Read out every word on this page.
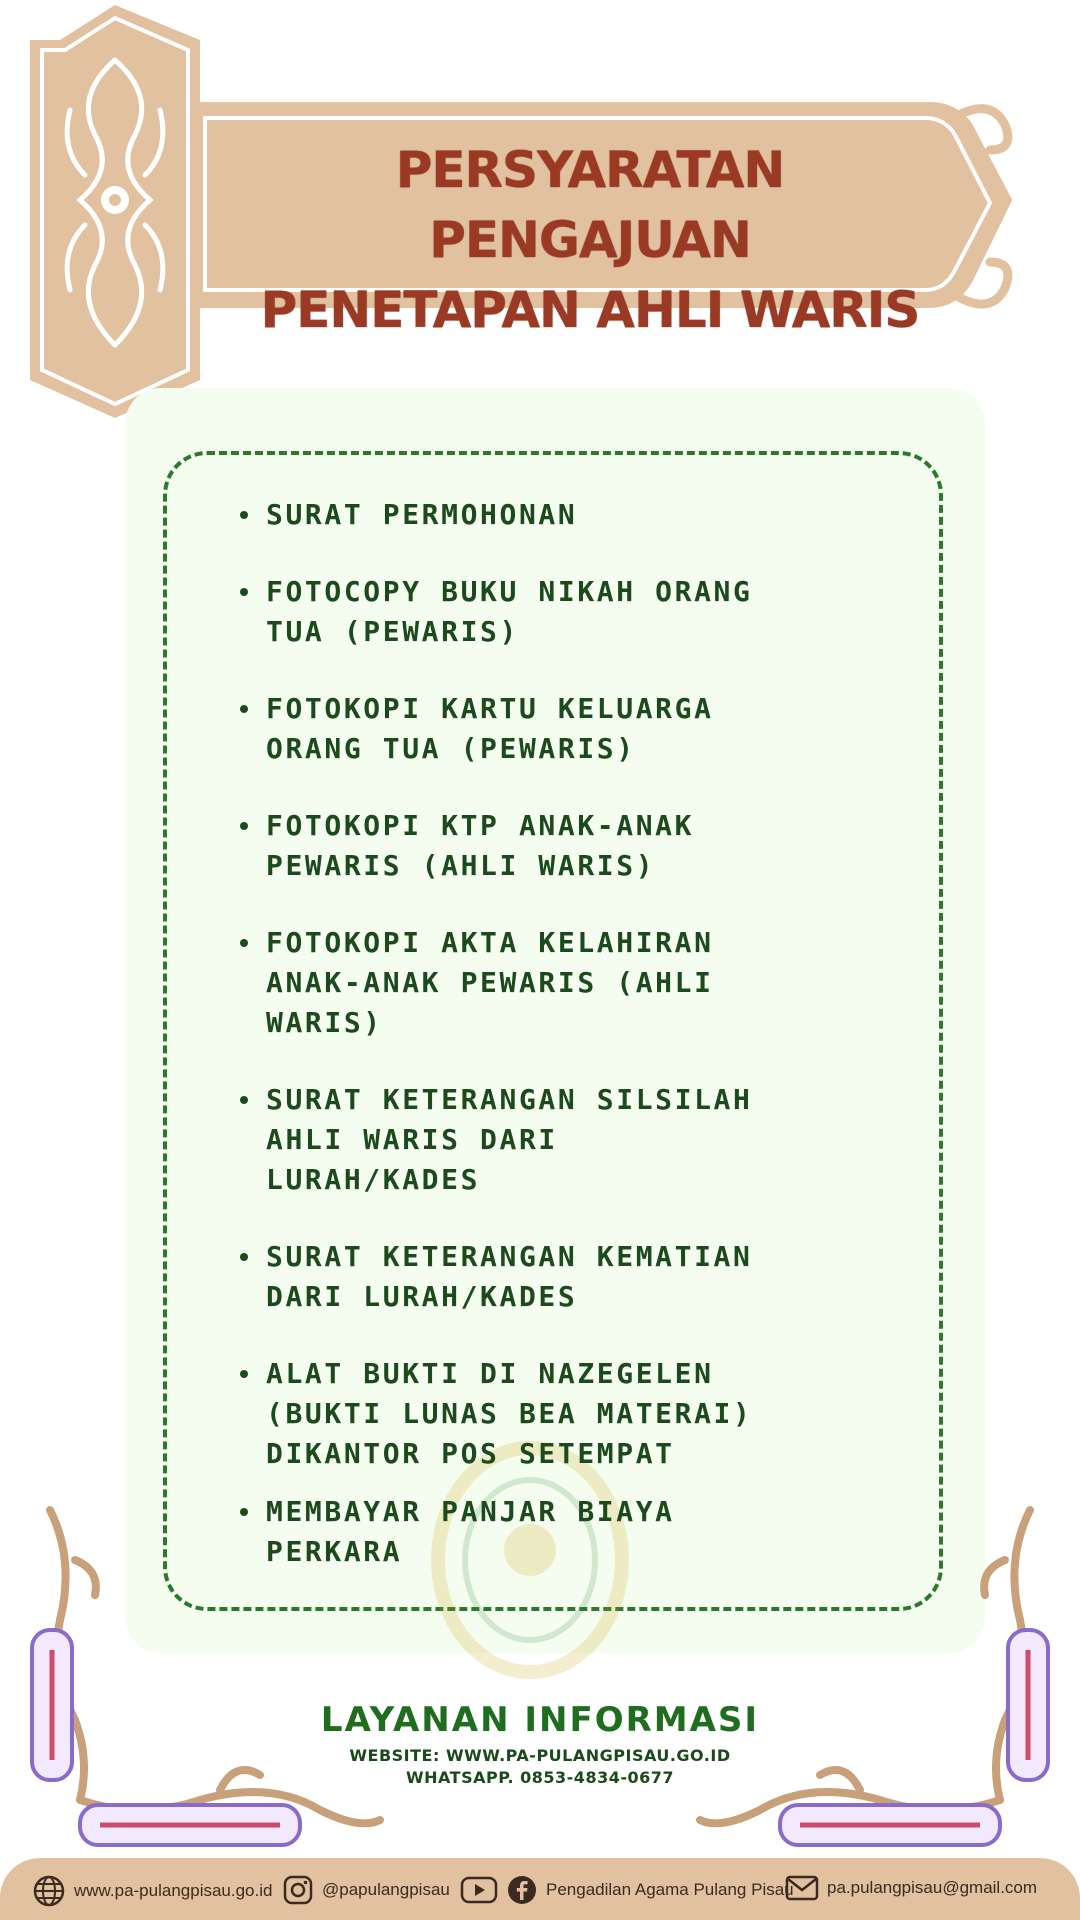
PERSYARATAN PENGAJUAN
PENETAPAN AHLI WARIS
SURAT PERMOHONAN
FOTOCOPY BUKU NIKAH ORANG
TUA (PEWARIS)
FOTOKOPI KARTU KELUARGA
ORANG TUA (PEWARIS)
FOTOKOPI KTP ANAK-ANAK
PEWARIS (AHLI WARIS)
FOTOKOPI AKTA KELAHIRAN
ANAK-ANAK PEWARIS (AHLI
WARIS)
SURAT KETERANGAN SILSILAH
AHLI WARIS DARI
LURAH/KADES
SURAT KETERANGAN KEMATIAN
DARI LURAH/KADES
ALAT BUKTI DI NAZEGELEN
(BUKTI LUNAS BEA MATERAI)
DIKANTOR POS SETEMPAT
MEMBAYAR PANJAR BIAYA
PERKARA
LAYANAN INFORMASI
WEBSITE: WWW.PA-PULANGPISAU.GO.ID
WHATSAPP. 0853-4834-0677
www.pa-pulangpisau.go.id	@papulangpisau	Pengadilan Agama Pulang Pisau pa.pulangpisau@gmail.com
